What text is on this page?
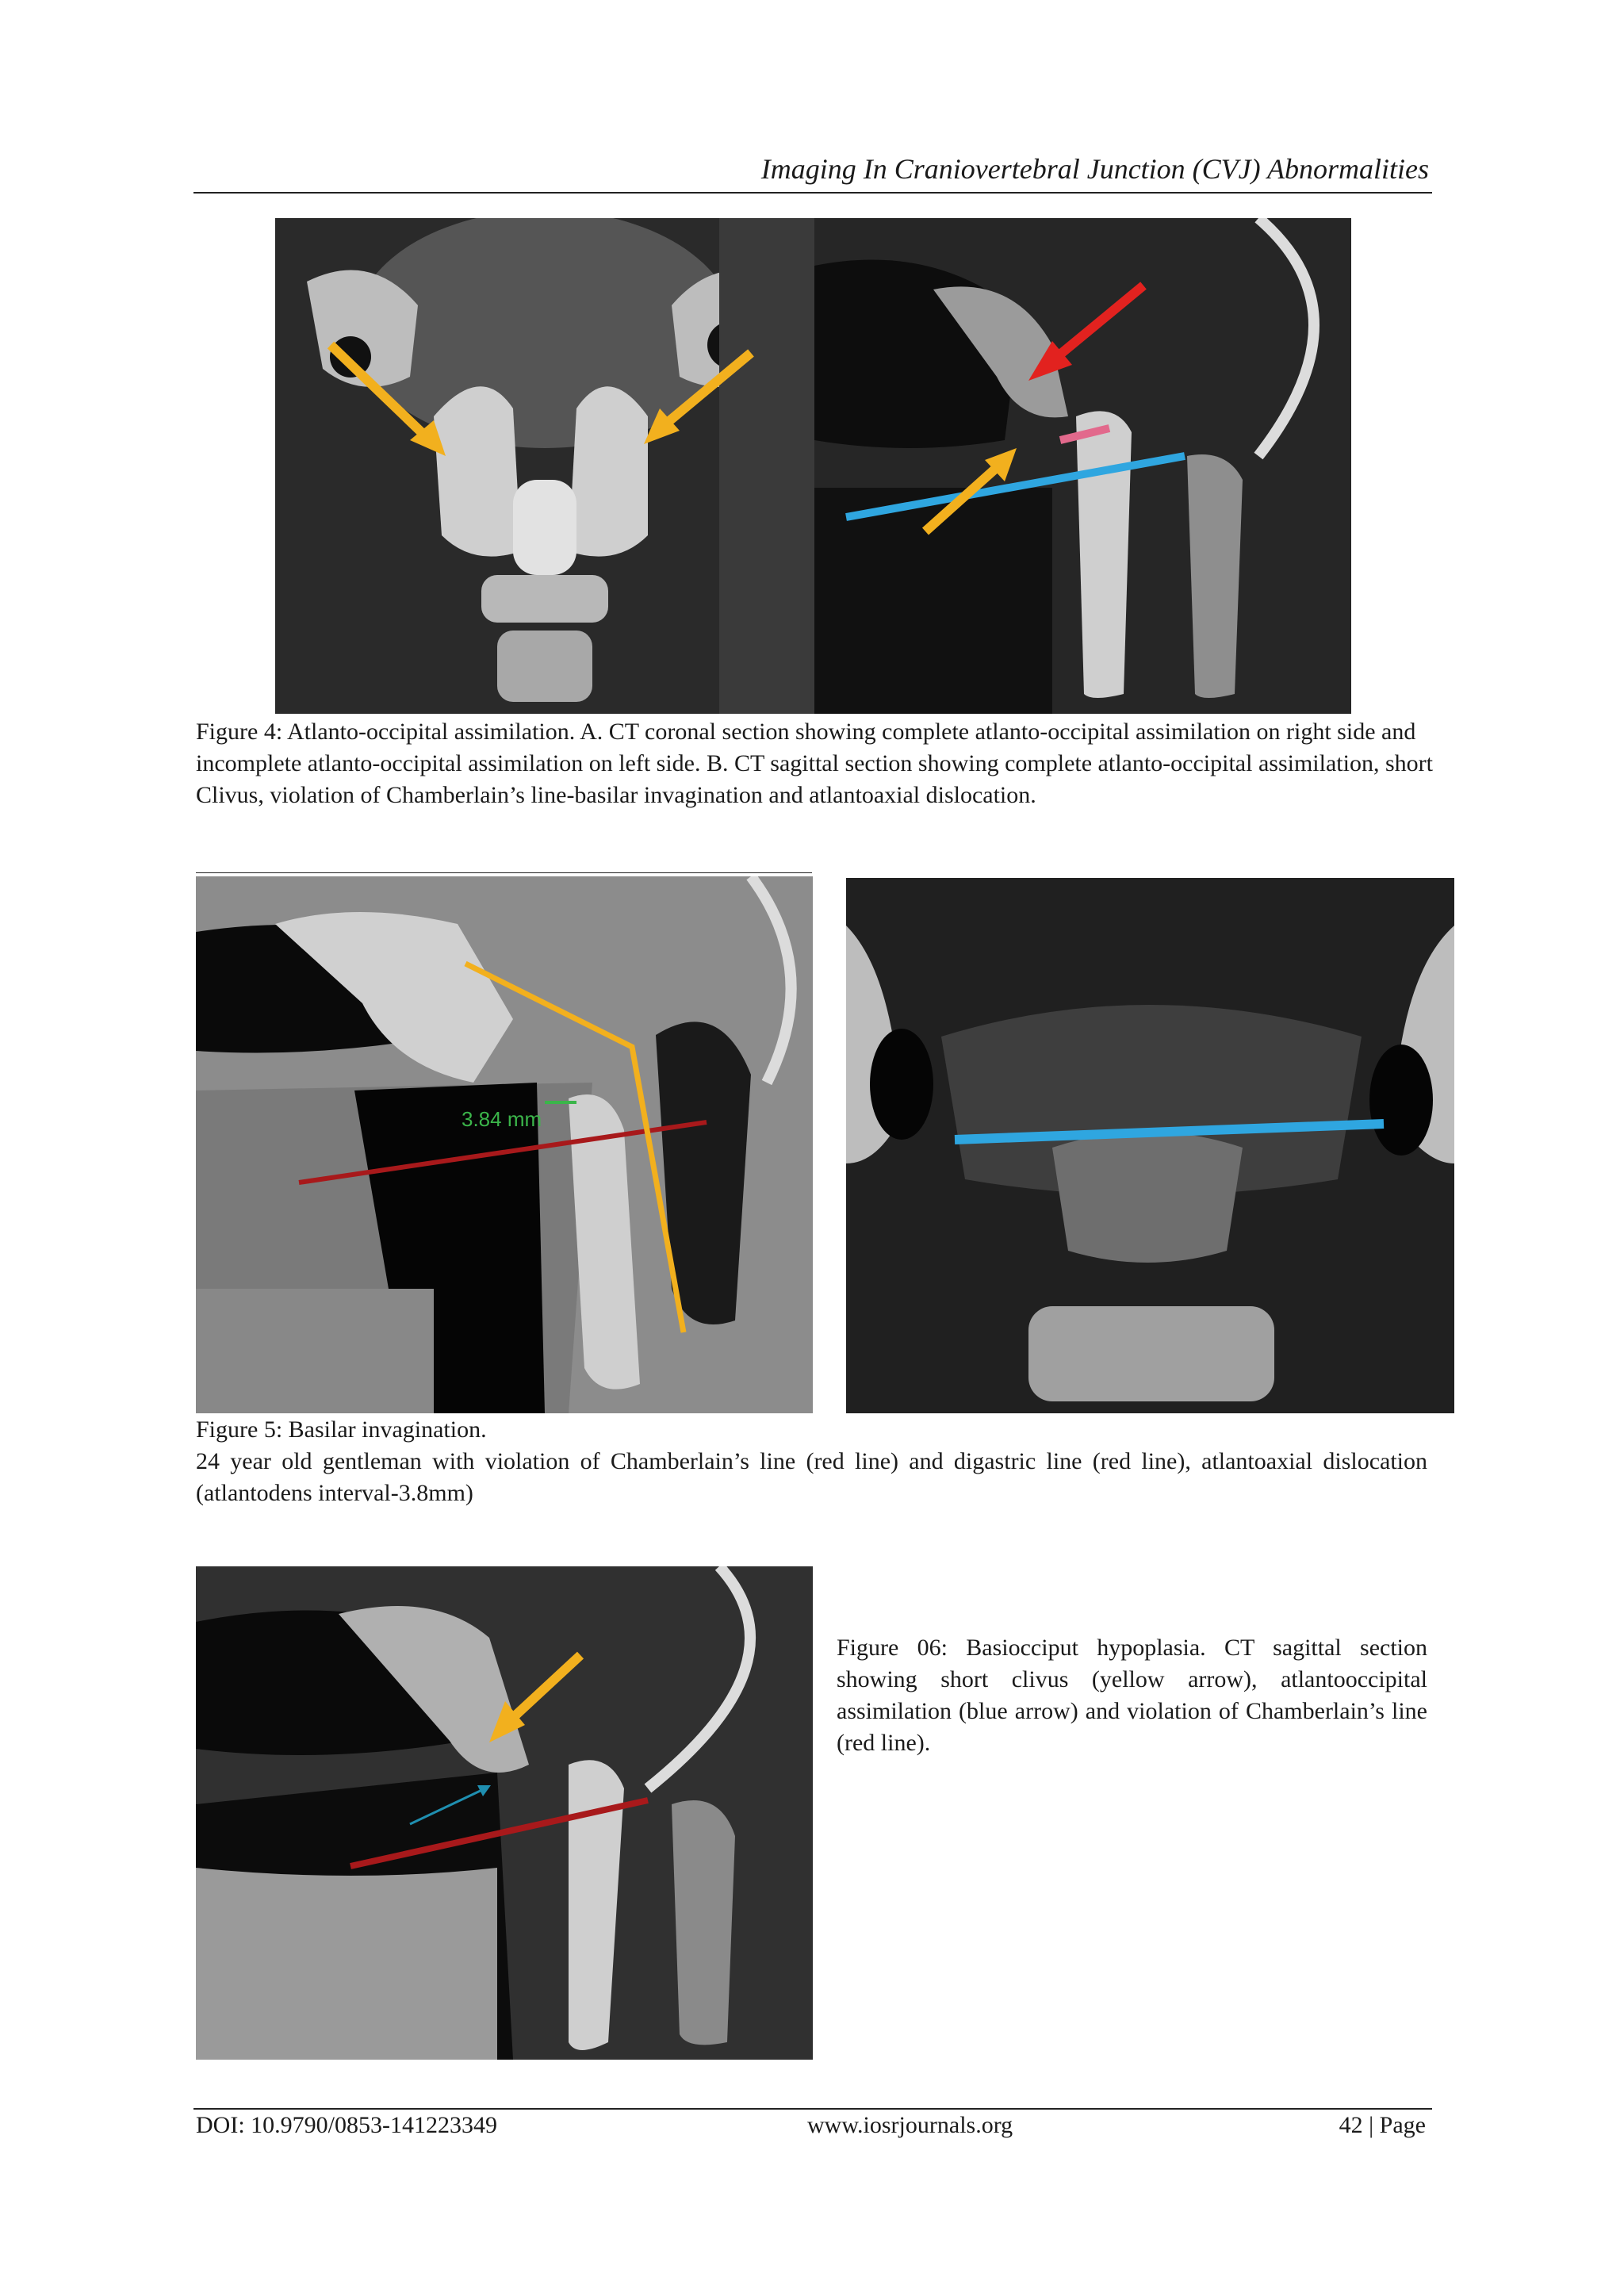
Imaging In Craniovertebral Junction (CVJ) Abnormalities
Figure 4: Atlanto-occipital assimilation. A. CT coronal section showing complete atlanto-occipital assimilation on right side and incomplete atlanto-occipital assimilation on left side. B. CT sagittal section showing complete atlanto-occipital assimilation, short Clivus, violation of Chamberlain’s line-basilar invagination and atlantoaxial dislocation.
3.84 mm
Figure 5: Basilar invagination.
24 year old gentleman with violation of Chamberlain’s line (red line) and digastric line (red line), atlantoaxial dislocation (atlantodens interval-3.8mm)
Figure 06: Basiocciput hypoplasia. CT sagittal section showing short clivus (yellow arrow), atlantooccipital assimilation (blue arrow) and violation of Chamberlain’s line (red line).
DOI: 10.9790/0853-141223349	www.iosrjournals.org	42 | Page
